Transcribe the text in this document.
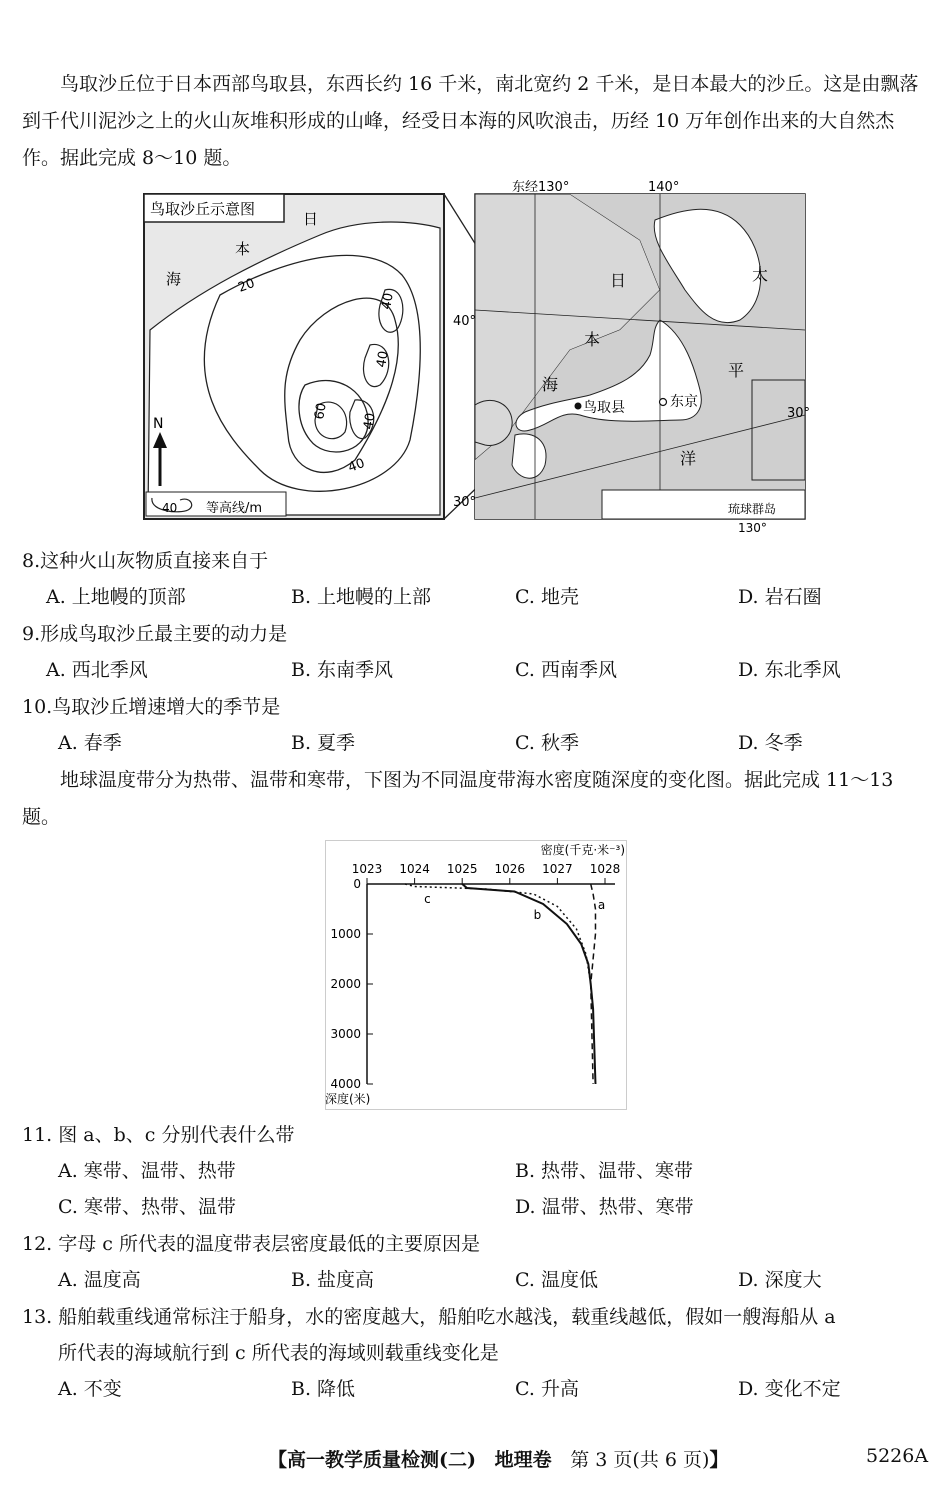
鸟取沙丘位于日本西部鸟取县，东西长约 16 千米，南北宽约 2 千米，是日本最大的沙丘。这是由飘落到千代川泥沙之上的火山灰堆积形成的山峰，经受日本海的风吹浪击，历经 10 万年创作出来的大自然杰作。据此完成 8～10 题。

鸟取沙丘示意图
日
本
海	20
40
40
40
60
40
N
40 等高线/m	琉球群岛
东经130°	140°
40°
30°
30°
日
本
海
太
平
洋
鸟取县	东京
130°
8.这种火山灰物质直接来自于
A. 上地幔的顶部	B. 上地幔的上部	C. 地壳	D. 岩石圈
9.形成鸟取沙丘最主要的动力是
A. 西北季风	B. 东南季风	C. 西南季风	D. 东北季风
10.鸟取沙丘增速增大的季节是
A. 春季	B. 夏季	C. 秋季	D. 冬季

地球温度带分为热带、温带和寒带，下图为不同温度带海水密度随深度的变化图。据此完成 11～13 题。

密度(千克·米⁻³)
1023 1024 1025 1026 1027 1028
0
1000
2000
3000
4000
深度(米)
a
b
c
11. 图 a、b、c 分别代表什么带
A. 寒带、温带、热带	B. 热带、温带、寒带
C. 寒带、热带、温带	D. 温带、热带、寒带
12. 字母 c 所代表的温度带表层密度最低的主要原因是
A. 温度高	B. 盐度高	C. 温度低	D. 深度大
13. 船舶载重线通常标注于船身，水的密度越大，船舶吃水越浅，载重线越低，假如一艘海船从 a
所代表的海域航行到 c 所代表的海域则载重线变化是
A. 不变	B. 降低	C. 升高	D. 变化不定
【高一教学质量检测(二) 地理卷 第 3 页(共 6 页)】	5226A
